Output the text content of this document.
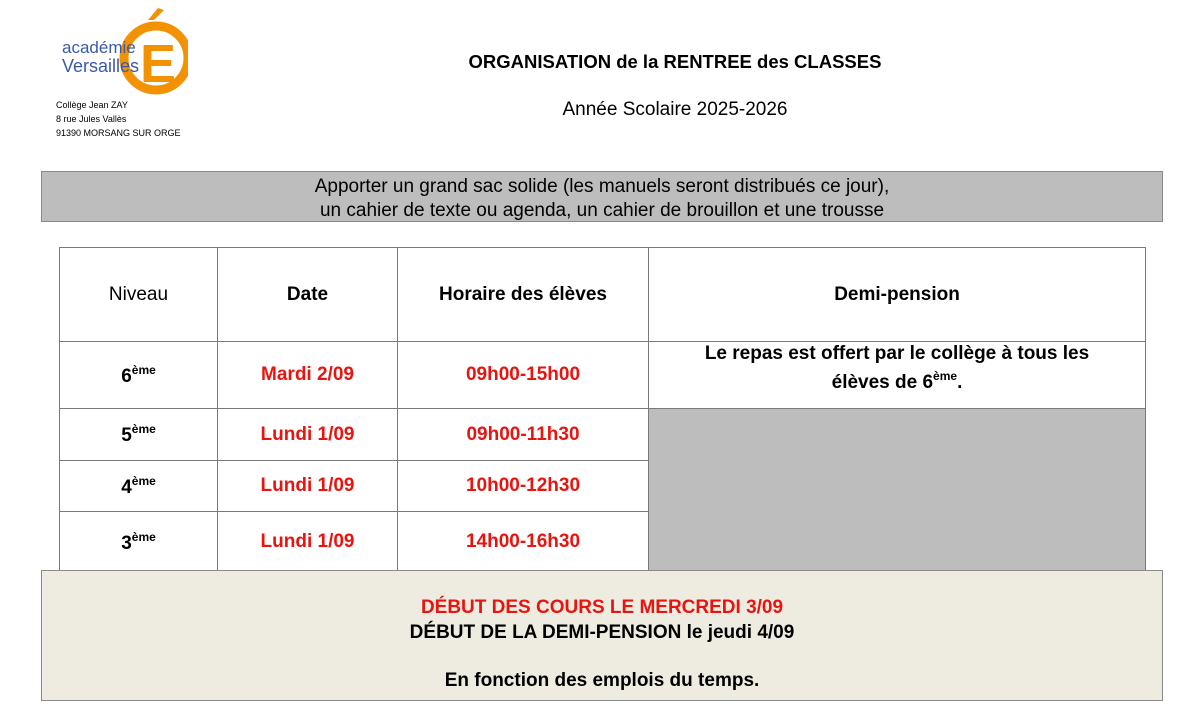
E
académie
Versailles
Collège Jean ZAY
8 rue Jules Vallès
91390 MORSANG SUR ORGE
ORGANISATION de la RENTREE des CLASSES
Année Scolaire 2025-2026
Apporter un grand sac solide (les manuels seront distribués ce jour),
un cahier de texte ou agenda, un cahier de brouillon et une trousse
Niveau	Date	Horaire des élèves	Demi-pension
6ème	Mardi 2/09	09h00-15h00	Le repas est offert par le collège à tous les
élèves de 6ème.
5ème	Lundi 1/09	09h00-11h30	
4ème	Lundi 1/09	10h00-12h30	
3ème	Lundi 1/09	14h00-16h30	
DÉBUT DES COURS LE MERCREDI 3/09
DÉBUT DE LA DEMI-PENSION le jeudi 4/09
En fonction des emplois du temps.
